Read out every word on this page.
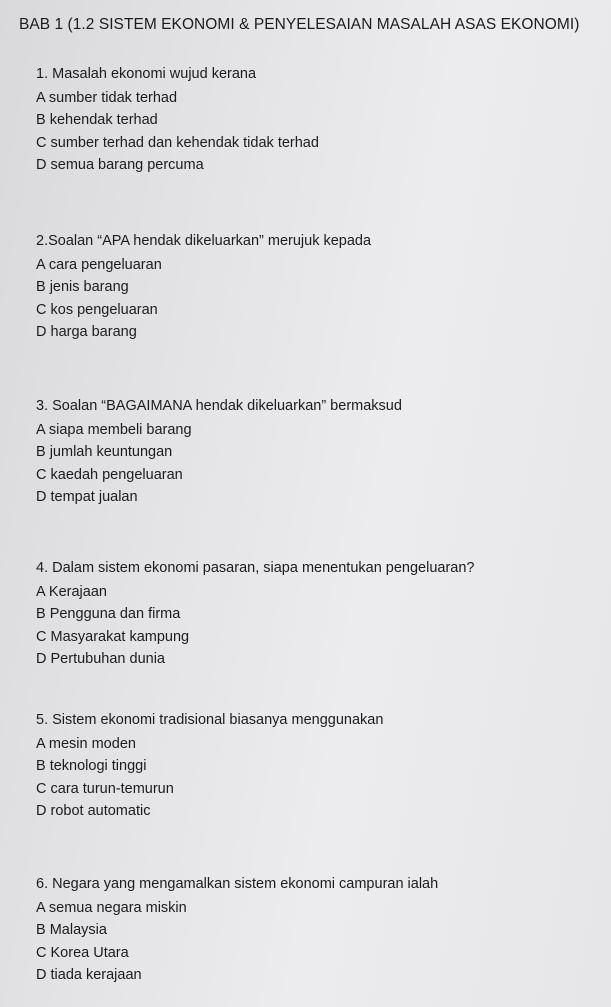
BAB 1 (1.2 SISTEM EKONOMI & PENYELESAIAN MASALAH ASAS EKONOMI)
1. Masalah ekonomi wujud kerana
A sumber tidak terhad
B kehendak terhad
C sumber terhad dan kehendak tidak terhad
D semua barang percuma
2.Soalan “APA hendak dikeluarkan” merujuk kepada
A cara pengeluaran
B jenis barang
C kos pengeluaran
D harga barang
3. Soalan “BAGAIMANA hendak dikeluarkan” bermaksud
A siapa membeli barang
B jumlah keuntungan
C kaedah pengeluaran
D tempat jualan
4. Dalam sistem ekonomi pasaran, siapa menentukan pengeluaran?
A Kerajaan
B Pengguna dan firma
C Masyarakat kampung
D Pertubuhan dunia
5. Sistem ekonomi tradisional biasanya menggunakan
A mesin moden
B teknologi tinggi
C cara turun-temurun
D robot automatic
6. Negara yang mengamalkan sistem ekonomi campuran ialah
A semua negara miskin
B Malaysia
C Korea Utara
D tiada kerajaan
